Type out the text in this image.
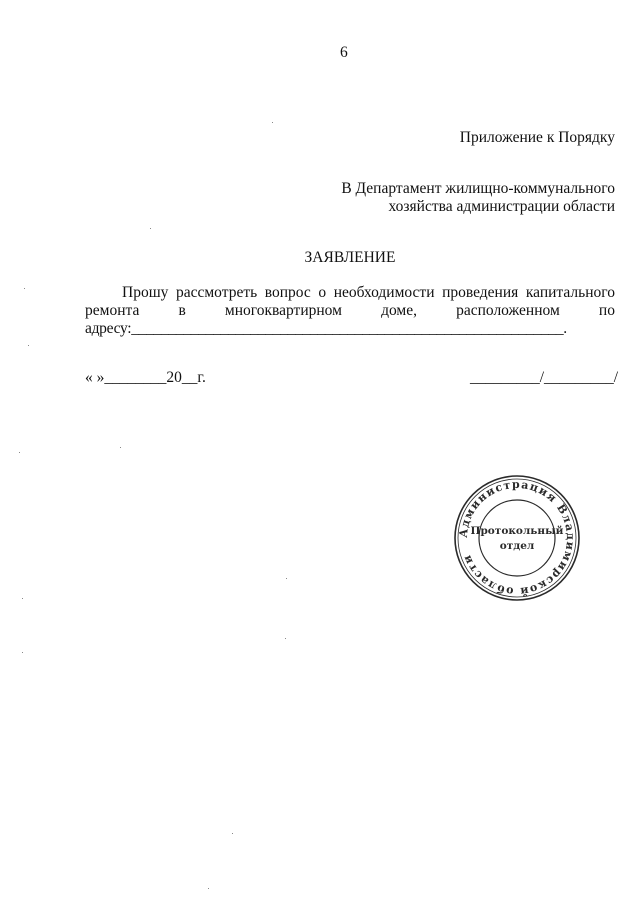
6
Приложение к Порядку
В Департамент жилищно-коммунального
хозяйства администрации области
ЗАЯВЛЕНИЕ
Прошу рассмотреть вопрос о необходимости проведения капитального
ремонта	в	многоквартирном	доме,	расположенном	по
адресу:__________________________________________________________.
« »________20__г.	_________/_________/
Администрация Владимирской области
Протокольный
отдел
